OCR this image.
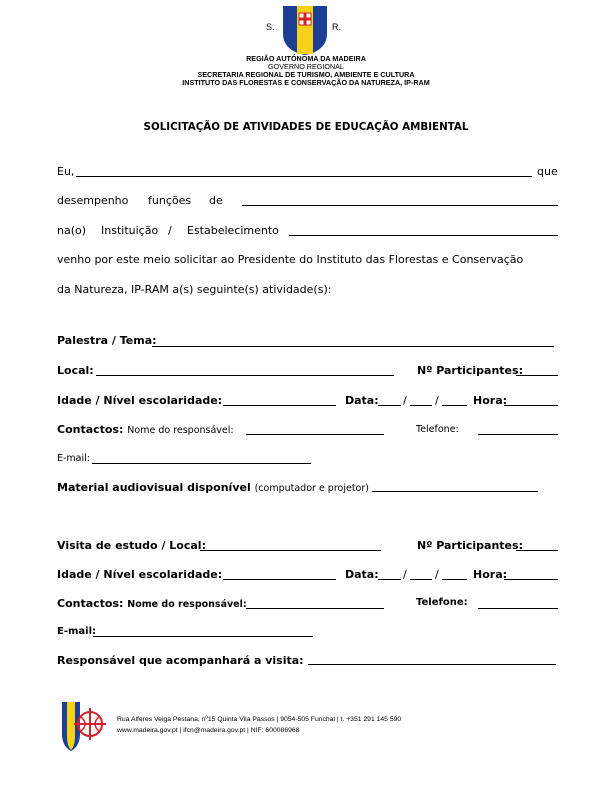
S.	R.
REGIÃO AUTÓNOMA DA MADEIRA
GOVERNO REGIONAL
SECRETARIA REGIONAL DE TURISMO, AMBIENTE E CULTURA
INSTITUTO DAS FLORESTAS E CONSERVAÇÃO DA NATUREZA, IP-RAM
SOLICITAÇÃO DE ATIVIDADES DE EDUCAÇÃO AMBIENTAL
Eu,	que
desempenho funções de
na(o) Instituição / Estabelecimento
venho por este meio solicitar ao Presidente do Instituto das Florestas e Conservação
da Natureza, IP-RAM a(s) seguinte(s) atividade(s):
Palestra / Tema:
Local:	Nº Participantes:
Idade / Nível escolaridade:	Data: /	/	Hora:
Contactos: Nome do responsável:	Telefone:
E-mail:
Material audiovisual disponível (computador e projetor)
Visita de estudo / Local:	Nº Participantes:
Idade / Nível escolaridade:	Data: /	/	Hora:
Contactos: Nome do responsável:	Telefone:
E-mail:
Responsável que acompanhará a visita:
Rua Alferes Veiga Pestana, nº15 Quinta Vila Passos | 9054-505 Funchal | t. +351 291 145 590
www.madeira.gov.pt | ifcn@madeira.gov.pt | NIF: 600086968
